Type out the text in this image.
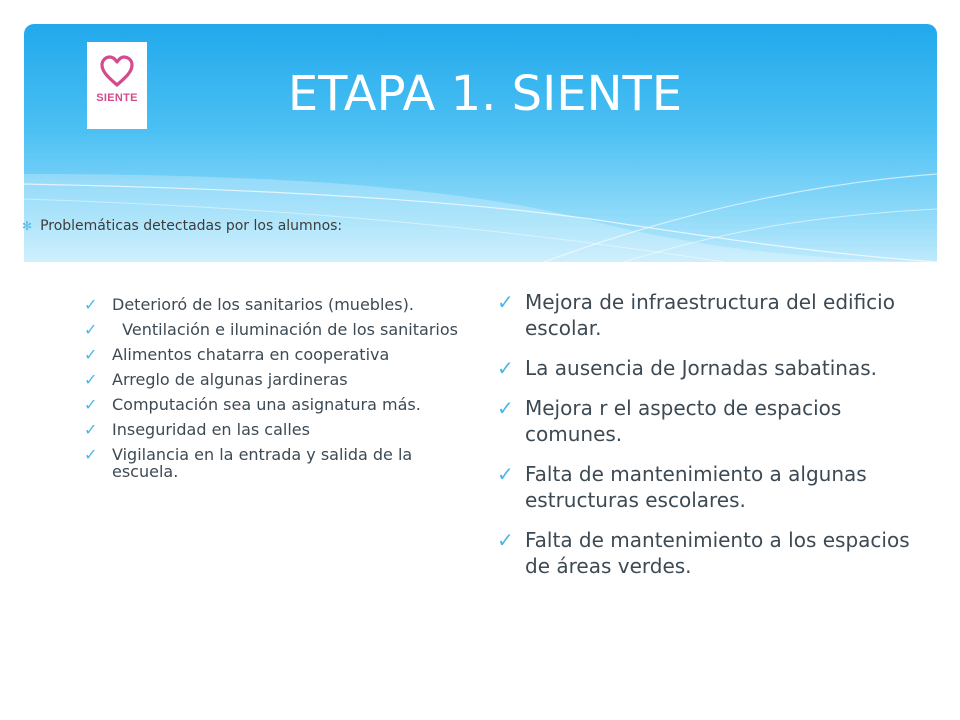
SIENTE	ETAPA 1. SIENTE
✻ Problemáticas detectadas por los alumnos:
✓ Deterioró de los sanitarios (muebles).
✓ Ventilación e iluminación de los sanitarios
✓ Alimentos chatarra en cooperativa
✓ Arreglo de algunas jardineras
✓ Computación sea una asignatura más.
✓ Inseguridad en las calles
✓ Vigilancia en la entrada y salida de la escuela.
✓ Mejora de infraestructura del edificio escolar.
✓ La ausencia de Jornadas sabatinas.
✓ Mejora r el aspecto de espacios comunes.
✓ Falta de mantenimiento a algunas estructuras escolares.
✓ Falta de mantenimiento a los espacios de áreas verdes.
